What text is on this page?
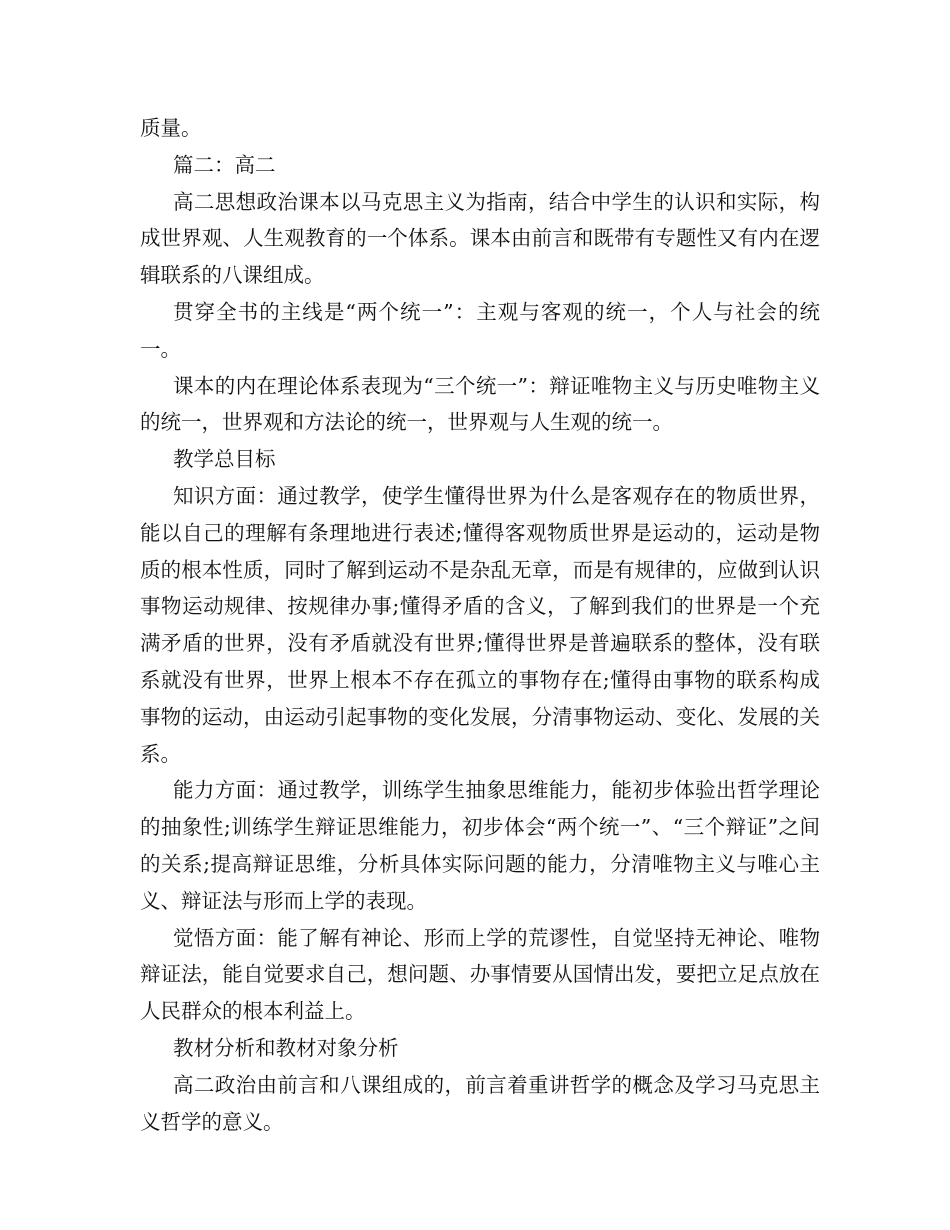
质量。

篇二：高二

高二思想政治课本以马克思主义为指南，结合中学生的认识和实际，构成世界观、人生观教育的一个体系。课本由前言和既带有专题性又有内在逻辑联系的八课组成。

贯穿全书的主线是“两个统一”：主观与客观的统一，个人与社会的统一。

课本的内在理论体系表现为“三个统一”：辩证唯物主义与历史唯物主义的统一，世界观和方法论的统一，世界观与人生观的统一。

教学总目标

知识方面：通过教学，使学生懂得世界为什么是客观存在的物质世界，能以自己的理解有条理地进行表述;懂得客观物质世界是运动的，运动是物质的根本性质，同时了解到运动不是杂乱无章，而是有规律的，应做到认识事物运动规律、按规律办事;懂得矛盾的含义，了解到我们的世界是一个充满矛盾的世界，没有矛盾就没有世界;懂得世界是普遍联系的整体，没有联系就没有世界，世界上根本不存在孤立的事物存在;懂得由事物的联系构成事物的运动，由运动引起事物的变化发展，分清事物运动、变化、发展的关系。

能力方面：通过教学，训练学生抽象思维能力，能初步体验出哲学理论的抽象性;训练学生辩证思维能力，初步体会“两个统一”、“三个辩证”之间的关系;提高辩证思维，分析具体实际问题的能力，分清唯物主义与唯心主义、辩证法与形而上学的表现。

觉悟方面：能了解有神论、形而上学的荒谬性，自觉坚持无神论、唯物辩证法，能自觉要求自己，想问题、办事情要从国情出发，要把立足点放在人民群众的根本利益上。

教材分析和教材对象分析

高二政治由前言和八课组成的，前言着重讲哲学的概念及学习马克思主义哲学的意义。
